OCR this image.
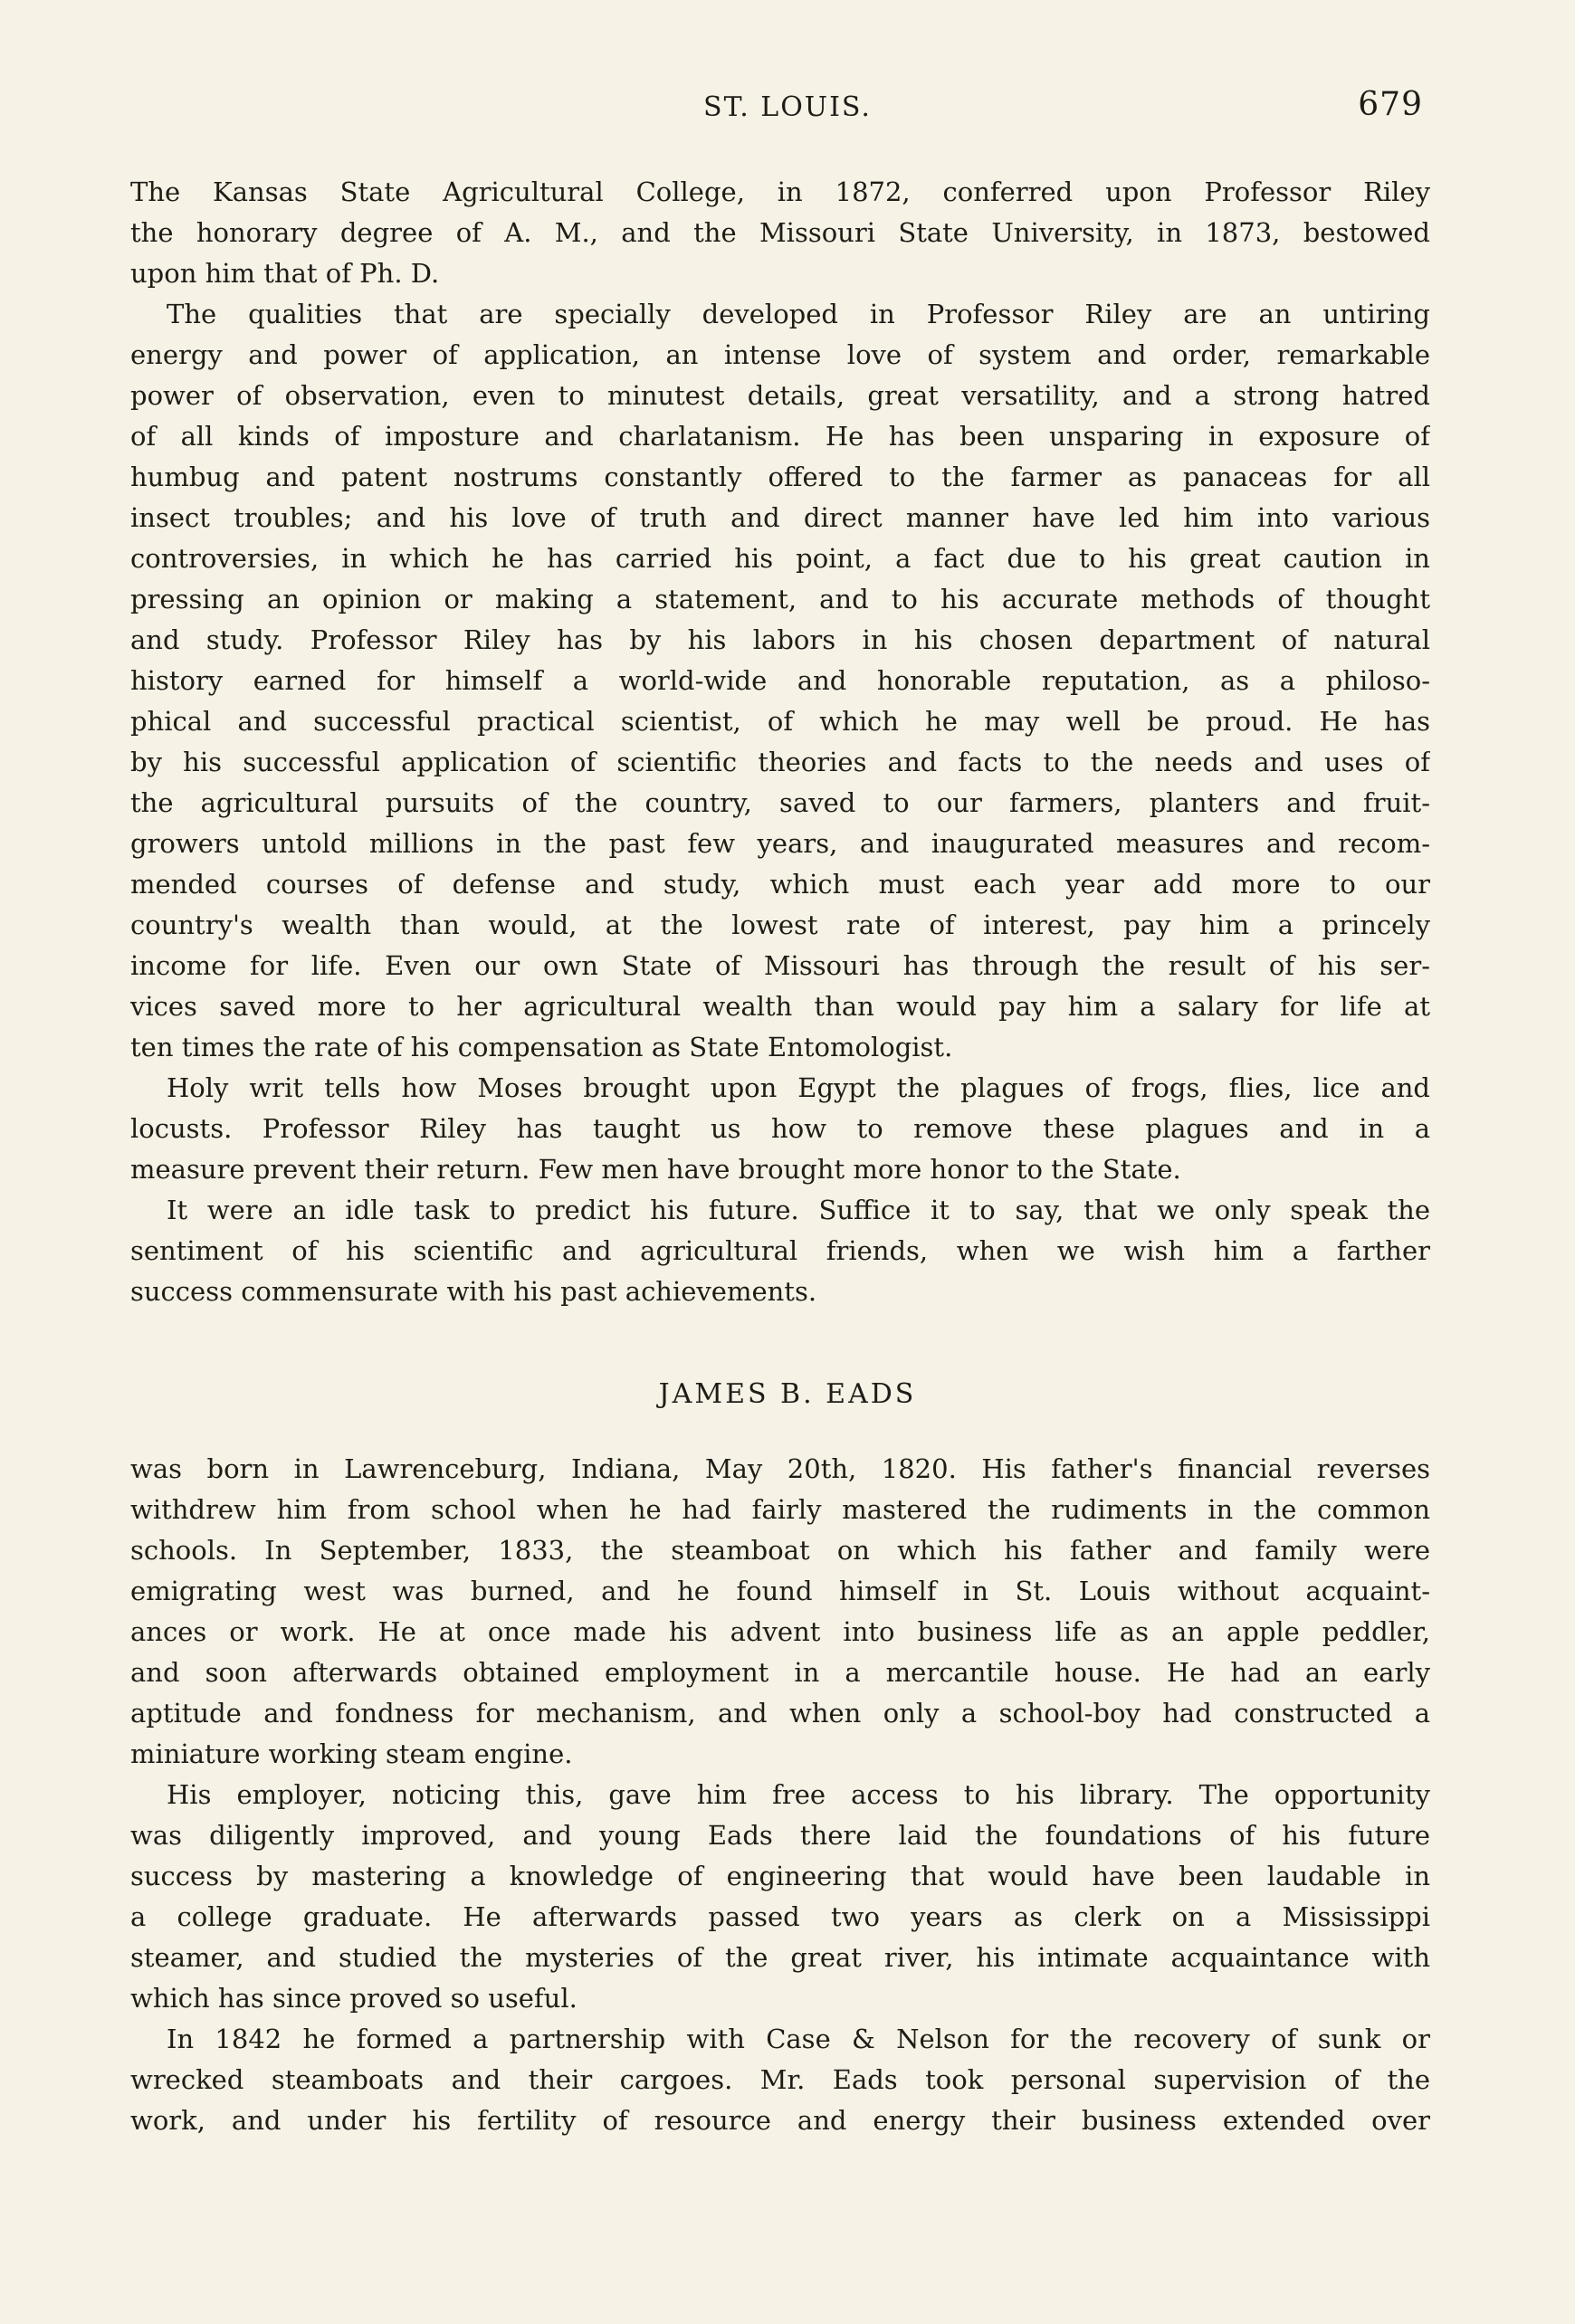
ST. LOUIS.	679
The Kansas State Agricultural College, in 1872, conferred upon Professor Riley
the honorary degree of A. M., and the Missouri State University, in 1873, bestowed
upon him that of Ph. D.
The qualities that are specially developed in Professor Riley are an untiring
energy and power of application, an intense love of system and order, remarkable
power of observation, even to minutest details, great versatility, and a strong hatred
of all kinds of imposture and charlatanism. He has been unsparing in exposure of
humbug and patent nostrums constantly offered to the farmer as panaceas for all
insect troubles; and his love of truth and direct manner have led him into various
controversies, in which he has carried his point, a fact due to his great caution in
pressing an opinion or making a statement, and to his accurate methods of thought
and study. Professor Riley has by his labors in his chosen department of natural
history earned for himself a world-wide and honorable reputation, as a philoso-
phical and successful practical scientist, of which he may well be proud. He has
by his successful application of scientific theories and facts to the needs and uses of
the agricultural pursuits of the country, saved to our farmers, planters and fruit-
growers untold millions in the past few years, and inaugurated measures and recom-
mended courses of defense and study, which must each year add more to our
country's wealth than would, at the lowest rate of interest, pay him a princely
income for life. Even our own State of Missouri has through the result of his ser-
vices saved more to her agricultural wealth than would pay him a salary for life at
ten times the rate of his compensation as State Entomologist.
Holy writ tells how Moses brought upon Egypt the plagues of frogs, flies, lice and
locusts. Professor Riley has taught us how to remove these plagues and in a
measure prevent their return. Few men have brought more honor to the State.
It were an idle task to predict his future. Suffice it to say, that we only speak the
sentiment of his scientific and agricultural friends, when we wish him a farther
success commensurate with his past achievements.
JAMES B. EADS
was born in Lawrenceburg, Indiana, May 20th, 1820. His father's financial reverses
withdrew him from school when he had fairly mastered the rudiments in the common
schools. In September, 1833, the steamboat on which his father and family were
emigrating west was burned, and he found himself in St. Louis without acquaint-
ances or work. He at once made his advent into business life as an apple peddler,
and soon afterwards obtained employment in a mercantile house. He had an early
aptitude and fondness for mechanism, and when only a school-boy had constructed a
miniature working steam engine.
His employer, noticing this, gave him free access to his library. The opportunity
was diligently improved, and young Eads there laid the foundations of his future
success by mastering a knowledge of engineering that would have been laudable in
a college graduate. He afterwards passed two years as clerk on a Mississippi
steamer, and studied the mysteries of the great river, his intimate acquaintance with
which has since proved so useful.
In 1842 he formed a partnership with Case & Nelson for the recovery of sunk or
wrecked steamboats and their cargoes. Mr. Eads took personal supervision of the
work, and under his fertility of resource and energy their business extended over
